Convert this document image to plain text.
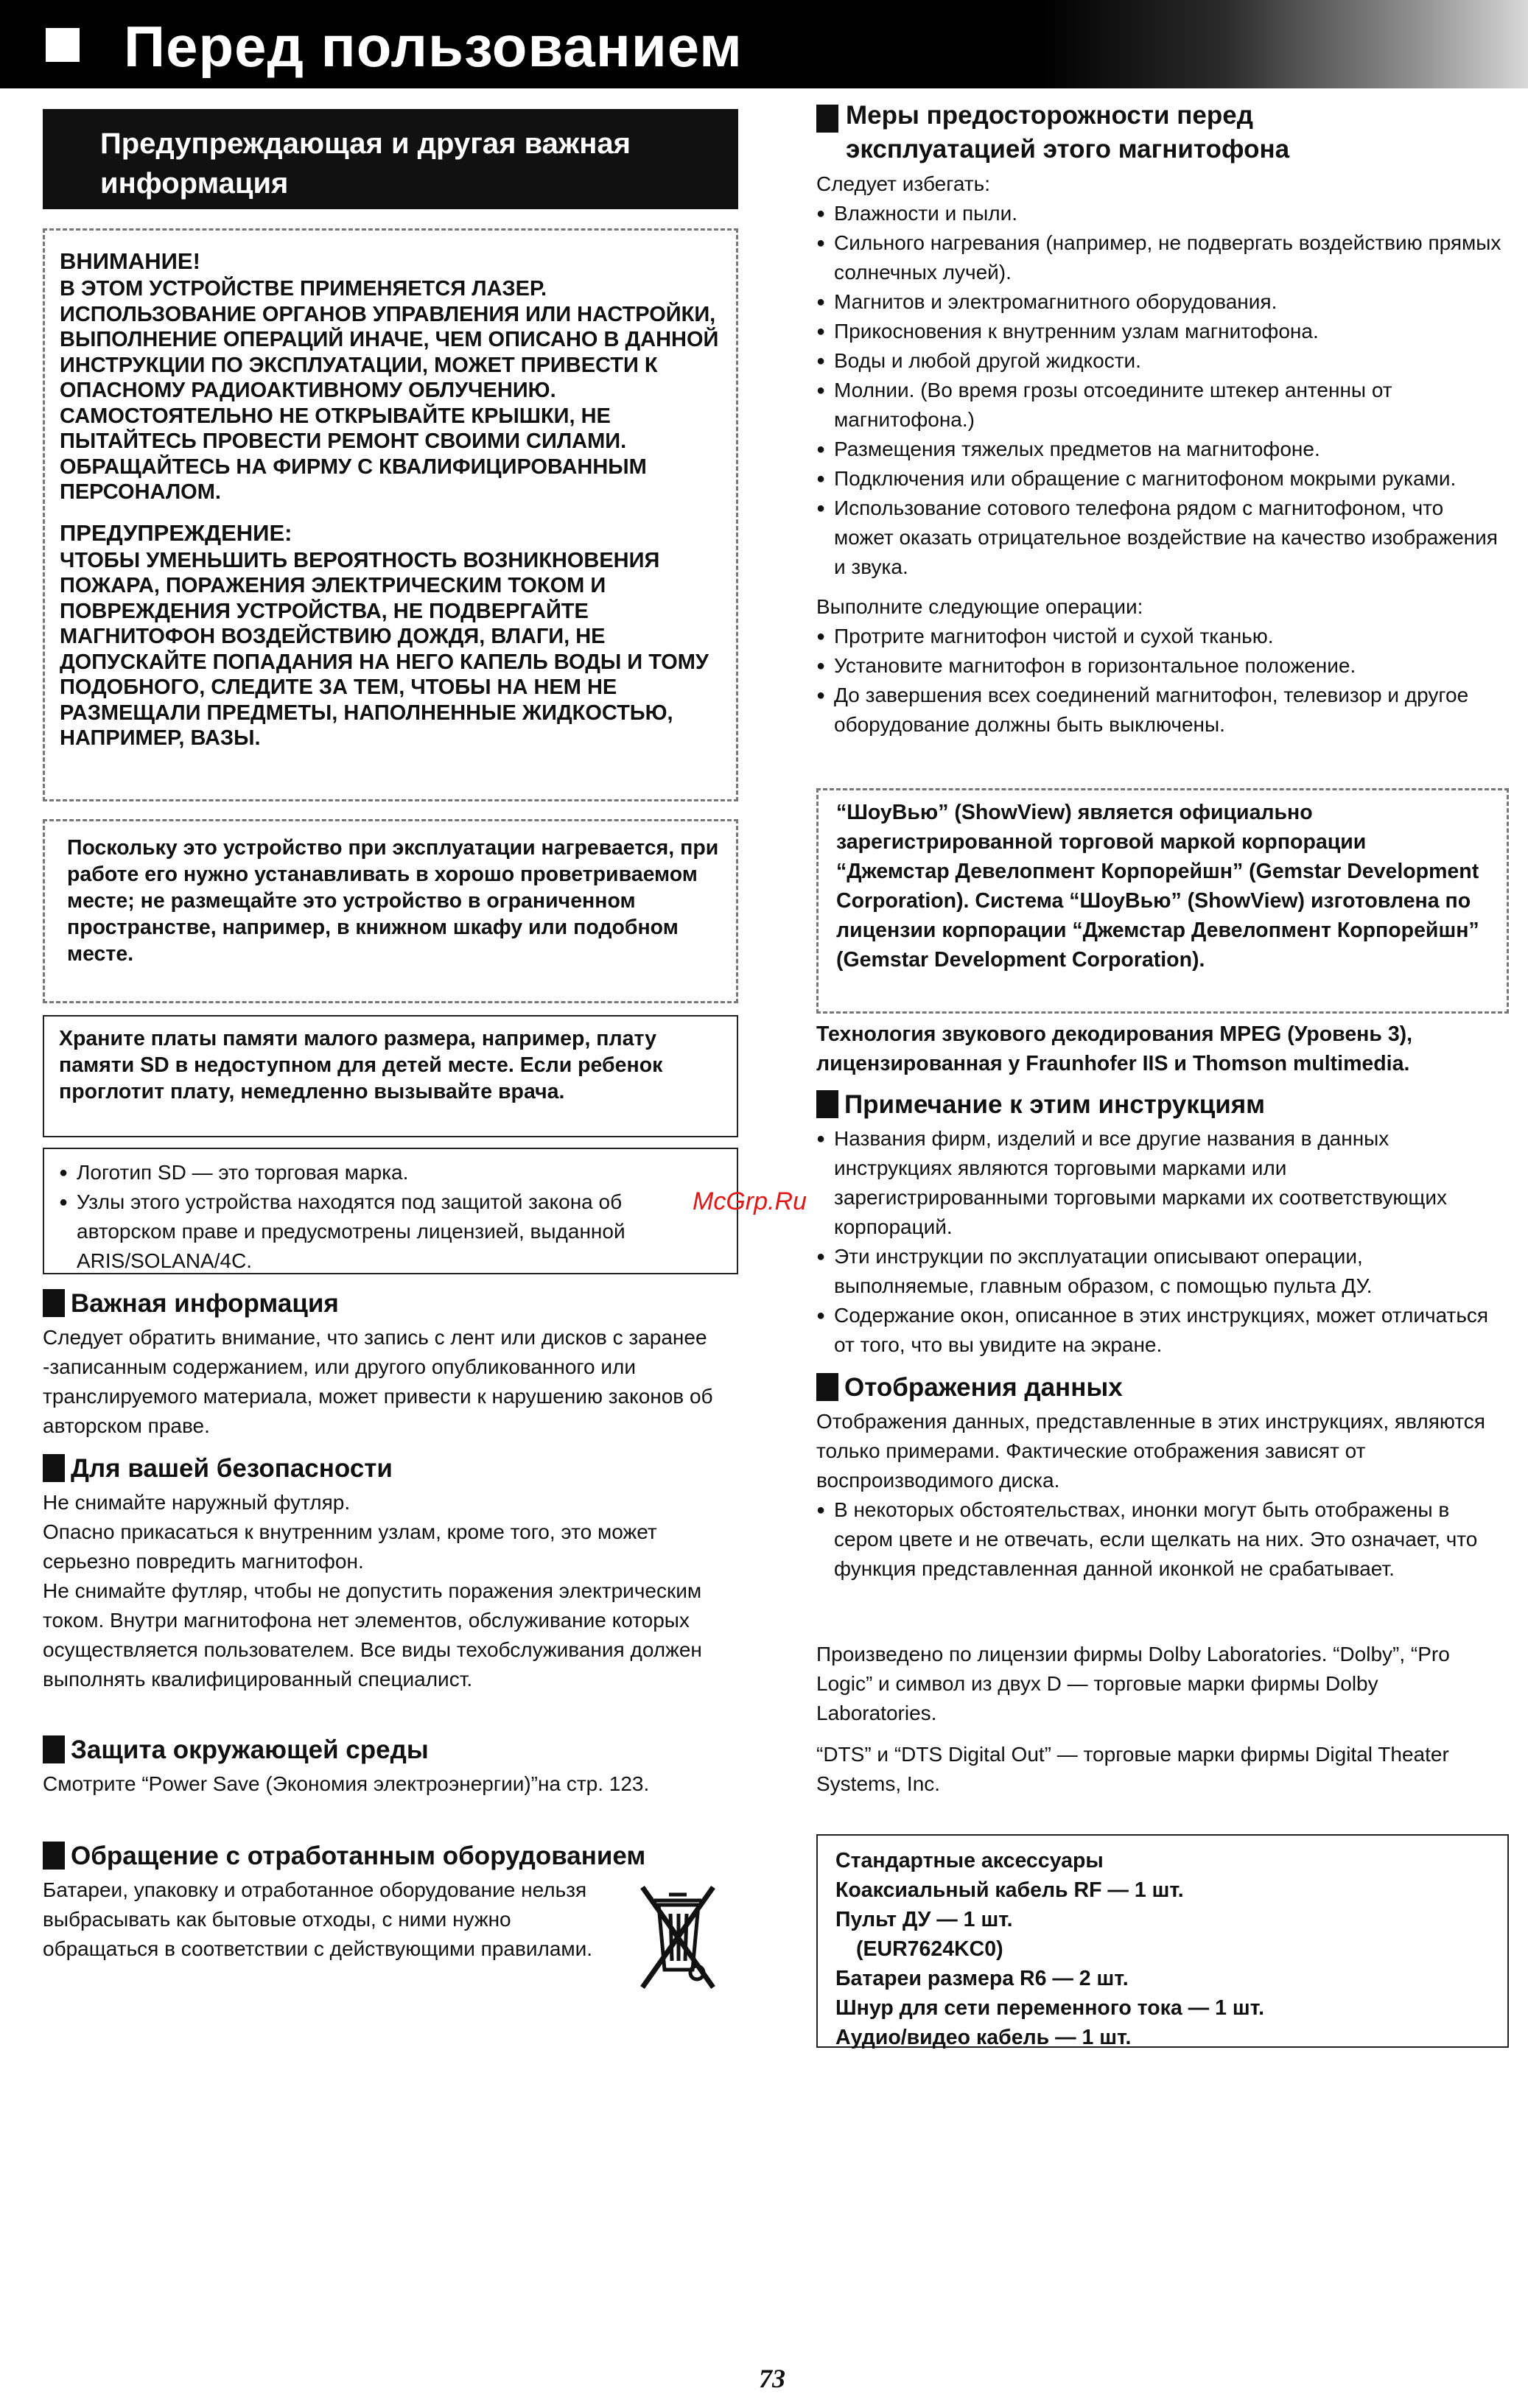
Перед пользованием
Предупреждающая и другая важная информация

ВНИМАНИЕ!

В ЭТОМ УСТРОЙСТВЕ ПРИМЕНЯЕТСЯ ЛАЗЕР. ИСПОЛЬЗОВАНИЕ ОРГАНОВ УПРАВЛЕНИЯ ИЛИ НАСТРОЙКИ, ВЫПОЛНЕНИЕ ОПЕРАЦИЙ ИНАЧЕ, ЧЕМ ОПИСАНО В ДАННОЙ ИНСТРУКЦИИ ПО ЭКСПЛУАТАЦИИ, МОЖЕТ ПРИВЕСТИ К ОПАСНОМУ РАДИОАКТИВНОМУ ОБЛУЧЕНИЮ. САМОСТОЯТЕЛЬНО НЕ ОТКРЫВАЙТЕ КРЫШКИ, НЕ ПЫТАЙТЕСЬ ПРОВЕСТИ РЕМОНТ СВОИМИ СИЛАМИ. ОБРАЩАЙТЕСЬ НА ФИРМУ С КВАЛИФИЦИРОВАННЫМ ПЕРСОНАЛОМ.

ПРЕДУПРЕЖДЕНИЕ:

ЧТОБЫ УМЕНЬШИТЬ ВЕРОЯТНОСТЬ ВОЗНИКНОВЕНИЯ ПОЖАРА, ПОРАЖЕНИЯ ЭЛЕКТРИЧЕСКИМ ТОКОМ И ПОВРЕЖДЕНИЯ УСТРОЙСТВА, НЕ ПОДВЕРГАЙТЕ МАГНИТОФОН ВОЗДЕЙСТВИЮ ДОЖДЯ, ВЛАГИ, НЕ ДОПУСКАЙТЕ ПОПАДАНИЯ НА НЕГО КАПЕЛЬ ВОДЫ И ТОМУ ПОДОБНОГО, СЛЕДИТЕ ЗА ТЕМ, ЧТОБЫ НА НЕМ НЕ РАЗМЕЩАЛИ ПРЕДМЕТЫ, НАПОЛНЕННЫЕ ЖИДКОСТЬЮ, НАПРИМЕР, ВАЗЫ.

Поскольку это устройство при эксплуатации нагревается, при работе его нужно устанавливать в хорошо проветриваемом месте; не размещайте это устройство в ограниченном пространстве, например, в книжном шкафу или подобном месте.

Храните платы памяти малого размера, например, плату памяти SD в недоступном для детей месте. Если ребенок проглотит плату, немедленно вызывайте врача.

● Логотип SD — это торговая марка.
● Узлы этого устройства находятся под защитой закона об авторском праве и предусмотрены лицензией, выданной ARIS/SOLANA/4C.
Важная информация

Следует обратить внимание, что запись с лент или дисков с заранее -записанным содержанием, или другого опубликованного или транслируемого материала, может привести к нарушению законов об авторском праве.

Для вашей безопасности

Не снимайте наружный футляр.

Опасно прикасаться к внутренним узлам, кроме того, это может серьезно повредить магнитофон.

Не снимайте футляр, чтобы не допустить поражения электрическим током. Внутри магнитофона нет элементов, обслуживание которых осуществляется пользователем. Все виды техобслуживания должен выполнять квалифицированный специалист.

Защита окружающей среды

Смотрите “Power Save (Экономия электроэнергии)”на стр. 123.

Обращение с отработанным оборудованием

Батареи, упаковку и отработанное оборудование нельзя выбрасывать как бытовые отходы, с ними нужно обращаться в соответствии с действующими правилами.

Меры предосторожности перед эксплуатацией этого магнитофона

Следует избегать:

● Влажности и пыли.
● Сильного нагревания (например, не подвергать воздействию прямых солнечных лучей).
● Магнитов и электромагнитного оборудования.
● Прикосновения к внутренним узлам магнитофона.
● Воды и любой другой жидкости.
● Молнии. (Во время грозы отсоедините штекер антенны от магнитофона.)
● Размещения тяжелых предметов на магнитофоне.
● Подключения или обращение с магнитофоном мокрыми руками.
● Использование сотового телефона рядом с магнитофоном, что может оказать отрицательное воздействие на качество изображения и звука.

Выполните следующие операции:

● Протрите магнитофон чистой и сухой тканью.
● Установите магнитофон в горизонтальное положение.
● До завершения всех соединений магнитофон, телевизор и другое оборудование должны быть выключены.

“ШоуВью” (ShowView) является официально зарегистрированной торговой маркой корпорации “Джемстар Девелопмент Корпорейшн” (Gemstar Development Corporation). Система “ШоуВью” (ShowView) изготовлена по лицензии корпорации “Джемстар Девелопмент Корпорейшн” (Gemstar Development Corporation).

Технология звукового декодирования MPEG (Уровень 3), лицензированная у Fraunhofer IIS и Thomson multimedia.

Примечание к этим инструкциям
● Названия фирм, изделий и все другие названия в данных инструкциях являются торговыми марками или зарегистрированными торговыми марками их соответствующих корпораций.
● Эти инструкции по эксплуатации описывают операции, выполняемые, главным образом, с помощью пульта ДУ.
● Содержание окон, описанное в этих инструкциях, может отличаться от того, что вы увидите на экране.
Отображения данных

Отображения данных, представленные в этих инструкциях, являются только примерами. Фактические отображения зависят от воспроизводимого диска.

● В некоторых обстоятельствах, инонки могут быть отображены в сером цвете и не отвечать, если щелкать на них. Это означает, что функция представленная данной иконкой не срабатывает.

Произведено по лицензии фирмы Dolby Laboratories. “Dolby”, “Pro Logic” и символ из двух D — торговые марки фирмы Dolby Laboratories.

“DTS” и “DTS Digital Out” — торговые марки фирмы Digital Theater Systems, Inc.

Стандартные аксессуары

Коаксиальный кабель RF — 1 шт.

Пульт ДУ — 1 шт.

(EUR7624KC0)

Батареи размера R6 — 2 шт.

Шнур для сети переменного тока — 1 шт.

Аудио/видео кабель — 1 шт.

McGrp.Ru
73
